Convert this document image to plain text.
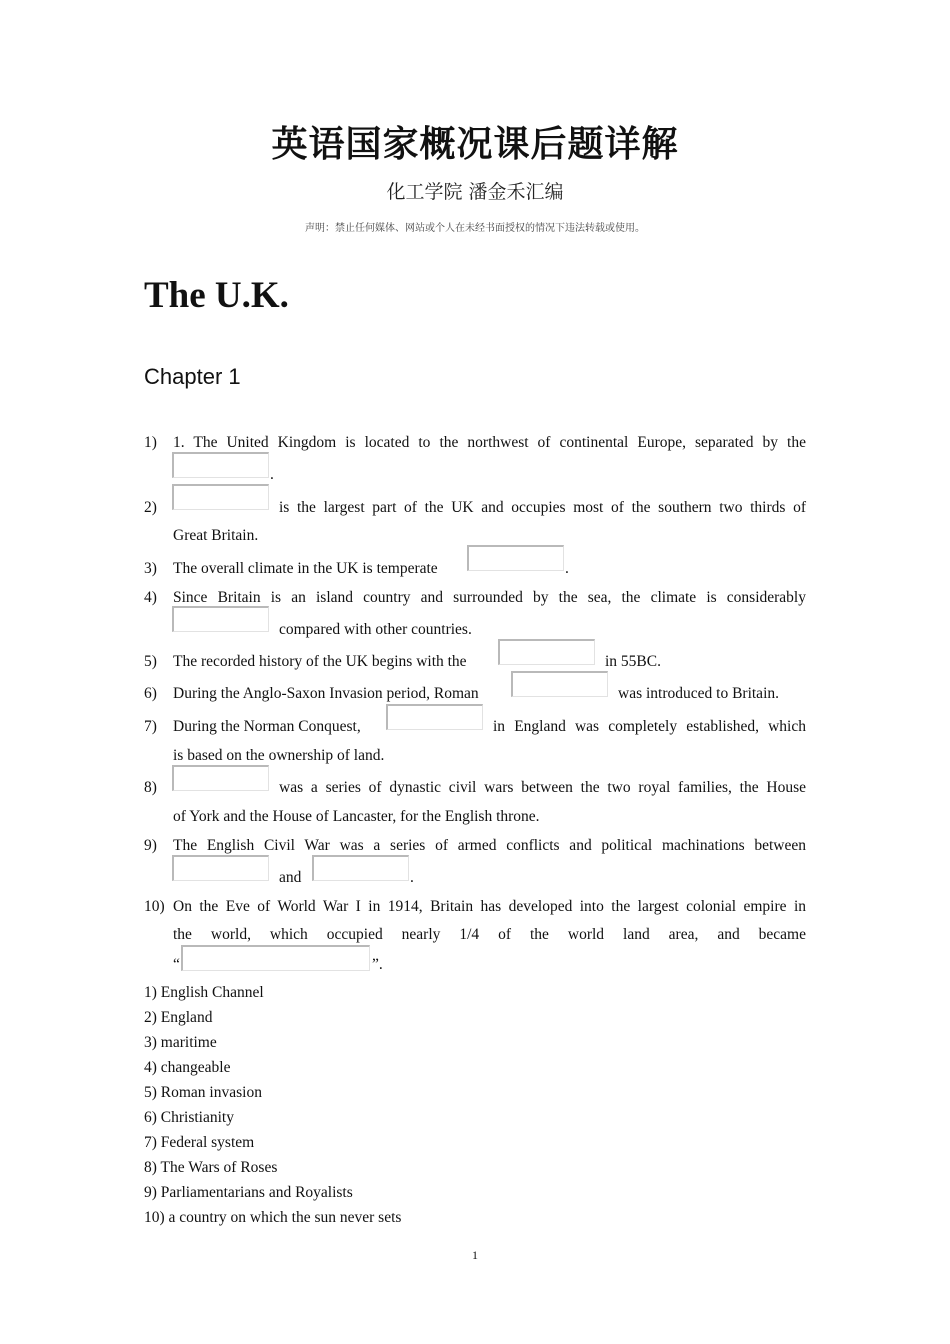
英语国家概况课后题详解
化工学院 潘金禾汇编
声明：禁止任何媒体、网站或个人在未经书面授权的情况下违法转载或使用。
The U.K.
Chapter 1
1) 1. The United Kingdom is located to the northwest of continental Europe, separated by the
.
2)	is the largest part of the UK and occupies most of the southern two thirds of
Great Britain.
3) The overall climate in the UK is temperate	.
4) Since Britain is an island country and surrounded by the sea, the climate is considerably
compared with other countries.
5) The recorded history of the UK begins with the	in 55BC.
6) During the Anglo-Saxon Invasion period, Roman	was introduced to Britain.
7) During the Norman Conquest,	in England was completely established, which
is based on the ownership of land.
8)	was a series of dynastic civil wars between the two royal families, the House
of York and the House of Lancaster, for the English throne.
9) The English Civil War was a series of armed conflicts and political machinations between
and	.
10) On the Eve of World War I in 1914, Britain has developed into the largest colonial empire in
the world, which occupied nearly 1/4 of the world land area, and became
“	”.
1) English Channel
2) England
3) maritime
4) changeable
5) Roman invasion
6) Christianity
7) Federal system
8) The Wars of Roses
9) Parliamentarians and Royalists
10) a country on which the sun never sets
1
